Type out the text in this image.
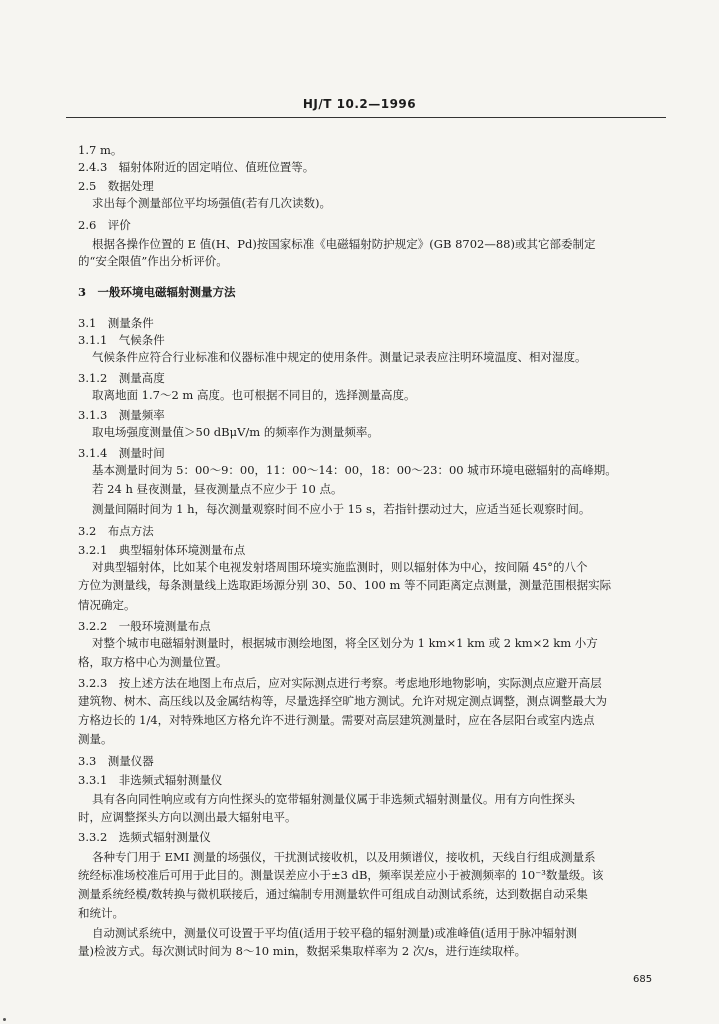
HJ/T 10.2—1996
1.7 m。
2.4.3　辐射体附近的固定哨位、值班位置等。
2.5　数据处理
求出每个测量部位平均场强值(若有几次读数)。
2.6　评价
根据各操作位置的 E 值(H、Pd)按国家标准《电磁辐射防护规定》(GB 8702—88)或其它部委制定
的“安全限值”作出分析评价。
3　一般环境电磁辐射测量方法
3.1　测量条件
3.1.1　气候条件
气候条件应符合行业标准和仪器标准中规定的使用条件。测量记录表应注明环境温度、相对湿度。
3.1.2　测量高度
取离地面 1.7～2 m 高度。也可根据不同目的，选择测量高度。
3.1.3　测量频率
取电场强度测量值＞50 dBμV/m 的频率作为测量频率。
3.1.4　测量时间
基本测量时间为 5：00～9：00，11：00～14：00，18：00～23：00 城市环境电磁辐射的高峰期。
若 24 h 昼夜测量，昼夜测量点不应少于 10 点。
测量间隔时间为 1 h，每次测量观察时间不应小于 15 s，若指针摆动过大，应适当延长观察时间。
3.2　布点方法
3.2.1　典型辐射体环境测量布点
对典型辐射体，比如某个电视发射塔周围环境实施监测时，则以辐射体为中心，按间隔 45°的八个
方位为测量线，每条测量线上选取距场源分别 30、50、100 m 等不同距离定点测量，测量范围根据实际
情况确定。
3.2.2　一般环境测量布点
对整个城市电磁辐射测量时，根据城市测绘地图，将全区划分为 1 km×1 km 或 2 km×2 km 小方
格，取方格中心为测量位置。
3.2.3　按上述方法在地图上布点后，应对实际测点进行考察。考虑地形地物影响，实际测点应避开高层
建筑物、树木、高压线以及金属结构等，尽量选择空旷地方测试。允许对规定测点调整，测点调整最大为
方格边长的 1/4，对特殊地区方格允许不进行测量。需要对高层建筑测量时，应在各层阳台或室内选点
测量。
3.3　测量仪器
3.3.1　非选频式辐射测量仪
具有各向同性响应或有方向性探头的宽带辐射测量仪属于非选频式辐射测量仪。用有方向性探头
时，应调整探头方向以测出最大辐射电平。
3.3.2　选频式辐射测量仪
各种专门用于 EMI 测量的场强仪，干扰测试接收机，以及用频谱仪，接收机，天线自行组成测量系
统经标准场校准后可用于此目的。测量误差应小于±3 dB，频率误差应小于被测频率的 10⁻³数量级。该
测量系统经模/数转换与微机联接后，通过编制专用测量软件可组成自动测试系统，达到数据自动采集
和统计。
自动测试系统中，测量仪可设置于平均值(适用于较平稳的辐射测量)或准峰值(适用于脉冲辐射测
量)检波方式。每次测试时间为 8～10 min，数据采集取样率为 2 次/s，进行连续取样。
685
